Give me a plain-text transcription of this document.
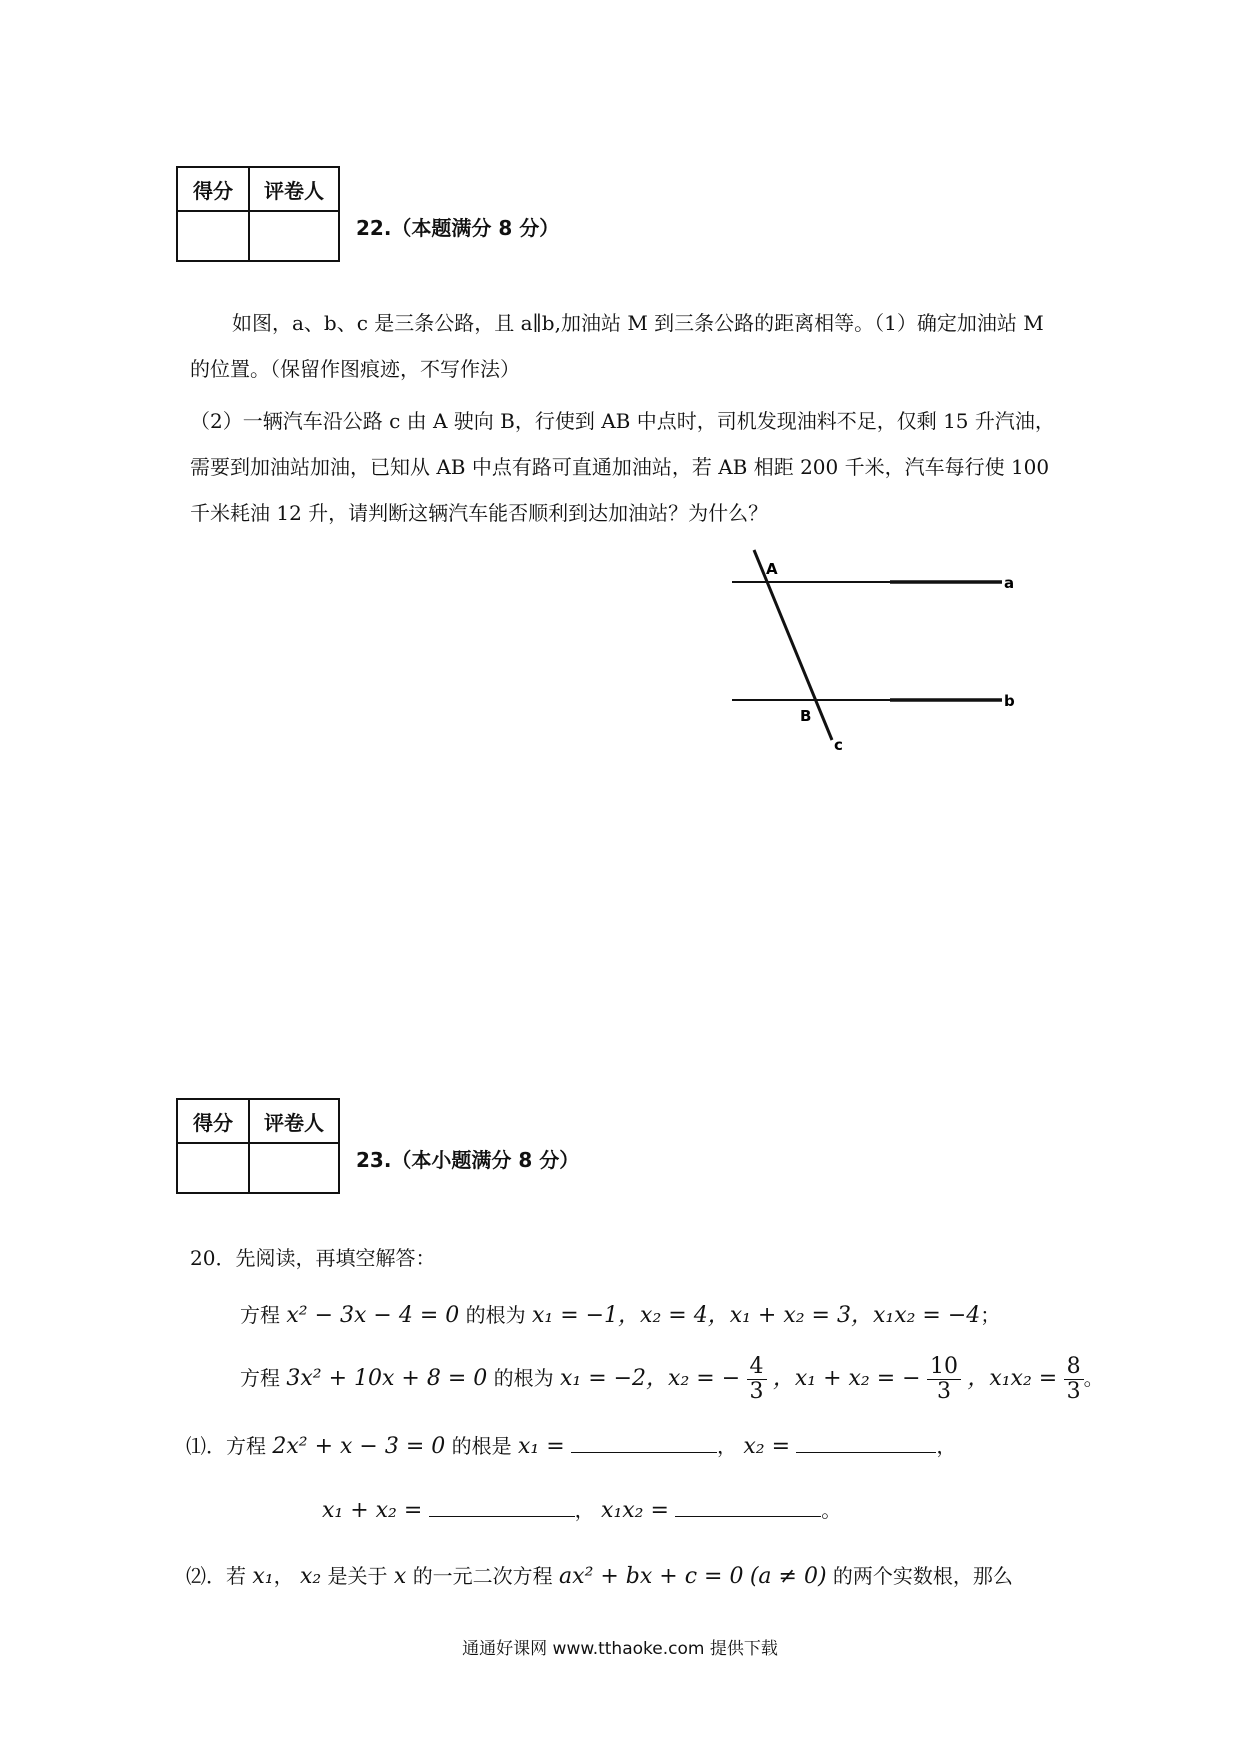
得分	评卷人

22.（本题满分 8 分）
如图，a、b、c 是三条公路，且 a∥b,加油站 M 到三条公路的距离相等。（1）确定加油站 M 的位置。（保留作图痕迹，不写作法）
（2）一辆汽车沿公路 c 由 A 驶向 B，行使到 AB 中点时，司机发现油料不足，仅剩 15 升汽油，需要到加油站加油，已知从 AB 中点有路可直通加油站，若 AB 相距 200 千米，汽车每行使 100 千米耗油 12 升，请判断这辆汽车能否顺利到达加油站？为什么？
A
a
B
b
c
得分	评卷人

23.（本小题满分 8 分）
20．先阅读，再填空解答：
方程 x² − 3x − 4 = 0 的根为 x₁ = −1，x₂ = 4，x₁ + x₂ = 3，x₁x₂ = −4；
方程 3x² + 10x + 8 = 0 的根为 x₁ = −2，x₂ = − $\frac{4}{3}$ ，x₁ + x₂ = − $\frac{10}{3}$ ，$x_1x_2 = \frac{8}{3}$ 。
⑴．方程 2x² + x − 3 = 0 的根是 x₁ =	， x₂ =	，
x₁ + x₂ =	， x₁x₂ =	。
⑵．若 x₁， x₂ 是关于 x 的一元二次方程 ax² + bx + c = 0 (a ≠ 0) 的两个实数根，那么
通通好课网 www.tthaoke.com 提供下载
